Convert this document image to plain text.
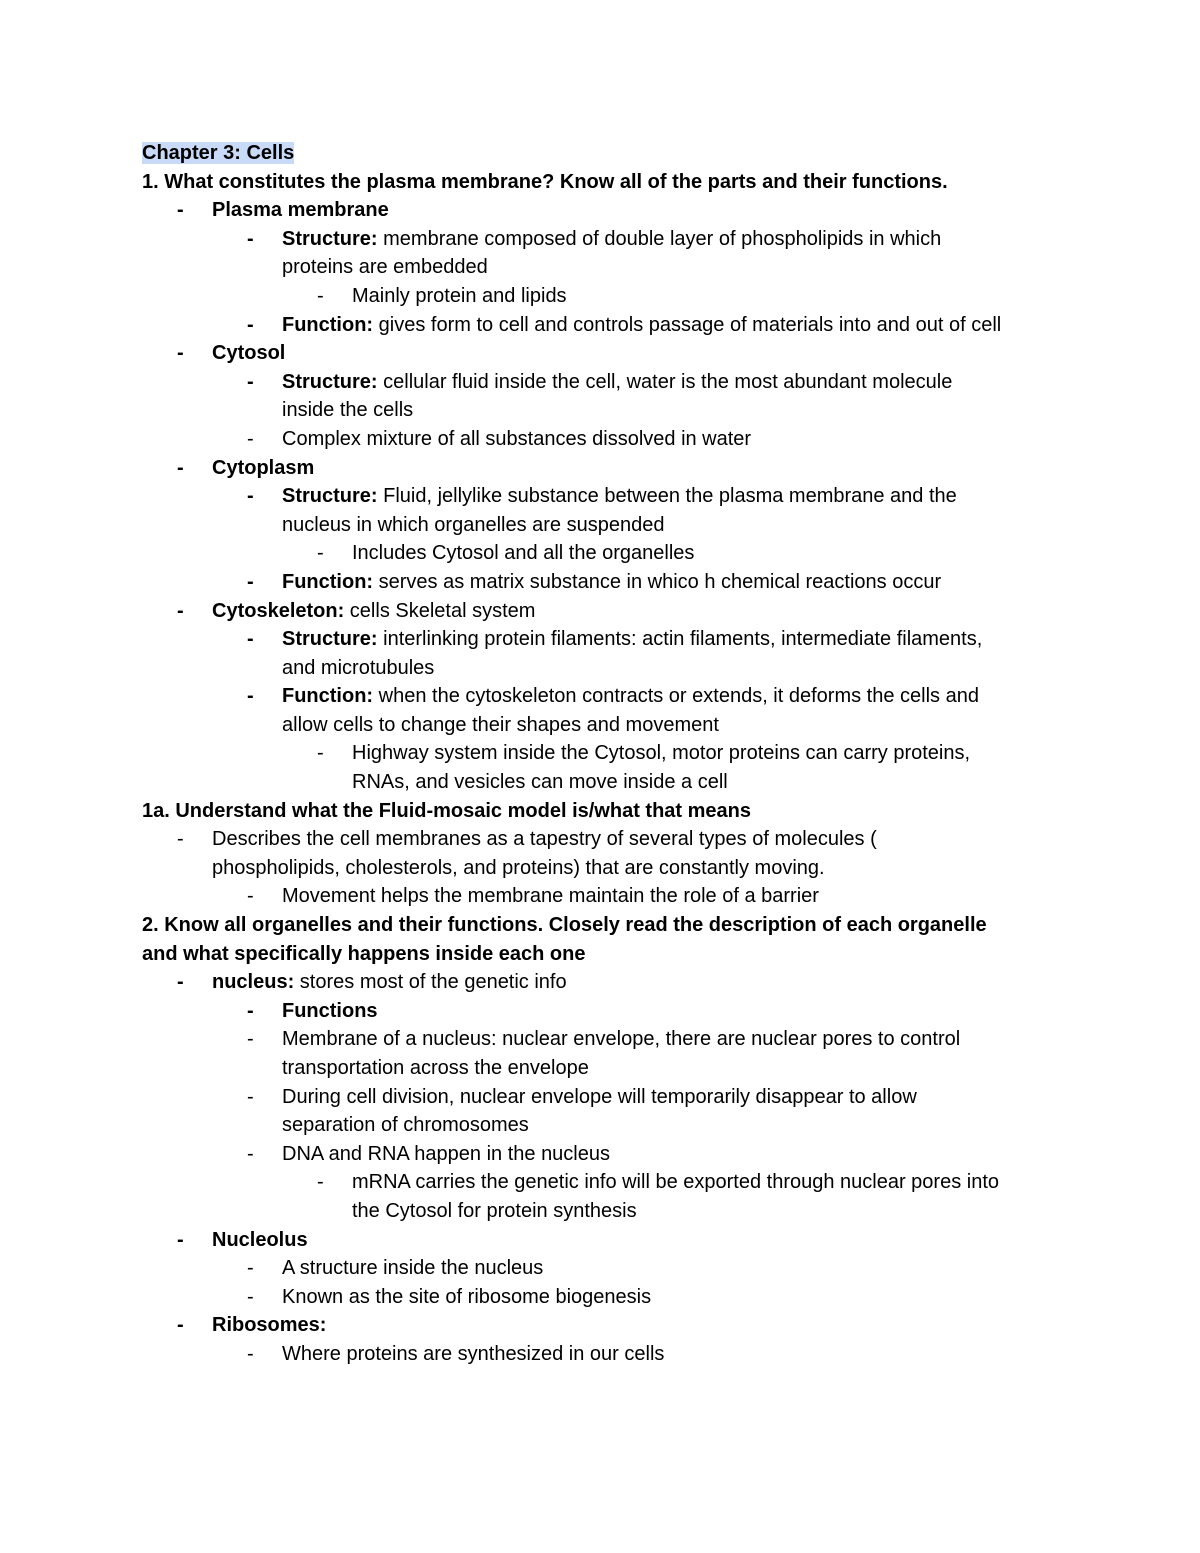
Chapter 3: Cells
1. What constitutes the plasma membrane? Know all of the parts and their functions.
- Plasma membrane
- Structure: membrane composed of double layer of phospholipids in which
proteins are embedded
- Mainly protein and lipids
- Function: gives form to cell and controls passage of materials into and out of cell
- Cytosol
- Structure: cellular fluid inside the cell, water is the most abundant molecule
inside the cells
- Complex mixture of all substances dissolved in water
- Cytoplasm
- Structure: Fluid, jellylike substance between the plasma membrane and the
nucleus in which organelles are suspended
- Includes Cytosol and all the organelles
- Function: serves as matrix substance in whico h chemical reactions occur
- Cytoskeleton: cells Skeletal system
- Structure: interlinking protein filaments: actin filaments, intermediate filaments,
and microtubules
- Function: when the cytoskeleton contracts or extends, it deforms the cells and
allow cells to change their shapes and movement
- Highway system inside the Cytosol, motor proteins can carry proteins,
RNAs, and vesicles can move inside a cell
1a. Understand what the Fluid-mosaic model is/what that means
- Describes the cell membranes as a tapestry of several types of molecules (
phospholipids, cholesterols, and proteins) that are constantly moving.
- Movement helps the membrane maintain the role of a barrier
2. Know all organelles and their functions. Closely read the description of each organelle
and what specifically happens inside each one
- nucleus: stores most of the genetic info
- Functions
- Membrane of a nucleus: nuclear envelope, there are nuclear pores to control
transportation across the envelope
- During cell division, nuclear envelope will temporarily disappear to allow
separation of chromosomes
- DNA and RNA happen in the nucleus
- mRNA carries the genetic info will be exported through nuclear pores into
the Cytosol for protein synthesis
- Nucleolus
- A structure inside the nucleus
- Known as the site of ribosome biogenesis
- Ribosomes:
- Where proteins are synthesized in our cells
